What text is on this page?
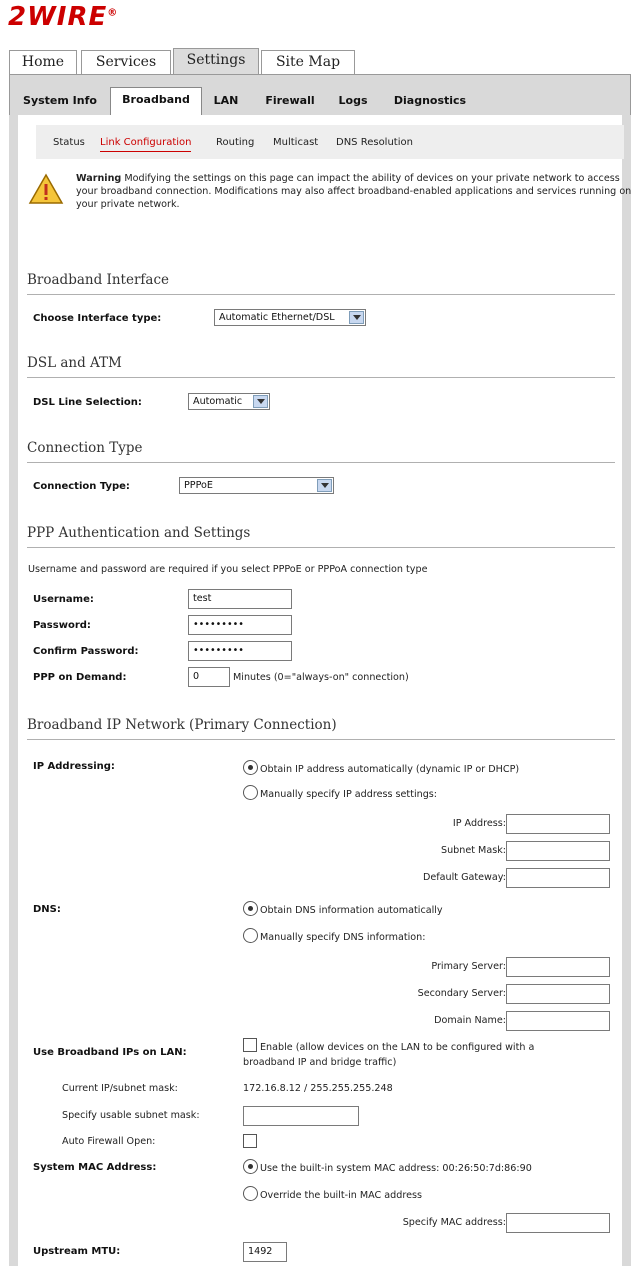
2WIRE®
Home	Services	Settings	Site Map
System Info	Broadband	LAN	Firewall	Logs	Diagnostics
Status Link Configuration Routing Multicast DNS Resolution
Warning Modifying the settings on this page can impact the ability of devices on your private network to access your broadband connection. Modifications may also affect broadband-enabled applications and services running on your private network.
Broadband Interface
Choose Interface type:	Automatic Ethernet/DSL
DSL and ATM
DSL Line Selection:	Automatic
Connection Type
Connection Type:	PPPoE
PPP Authentication and Settings
Username and password are required if you select PPPoE or PPPoA connection type
Username:	test
Password:	•••••••••
Confirm Password:	•••••••••
PPP on Demand:	0	Minutes (0="always-on" connection)
Broadband IP Network (Primary Connection)
IP Addressing:	Obtain IP address automatically (dynamic IP or DHCP)
Manually specify IP address settings:
IP Address:
Subnet Mask:
Default Gateway:
DNS:	Obtain DNS information automatically
Manually specify DNS information:
Primary Server:
Secondary Server:
Domain Name:
Use Broadband IPs on LAN:	Enable (allow devices on the LAN to be configured with a
broadband IP and bridge traffic)
Current IP/subnet mask:	172.16.8.12 / 255.255.255.248
Specify usable subnet mask:
Auto Firewall Open:
System MAC Address:	Use the built-in system MAC address: 00:26:50:7d:86:90
Override the built-in MAC address
Specify MAC address:
Upstream MTU:	1492
